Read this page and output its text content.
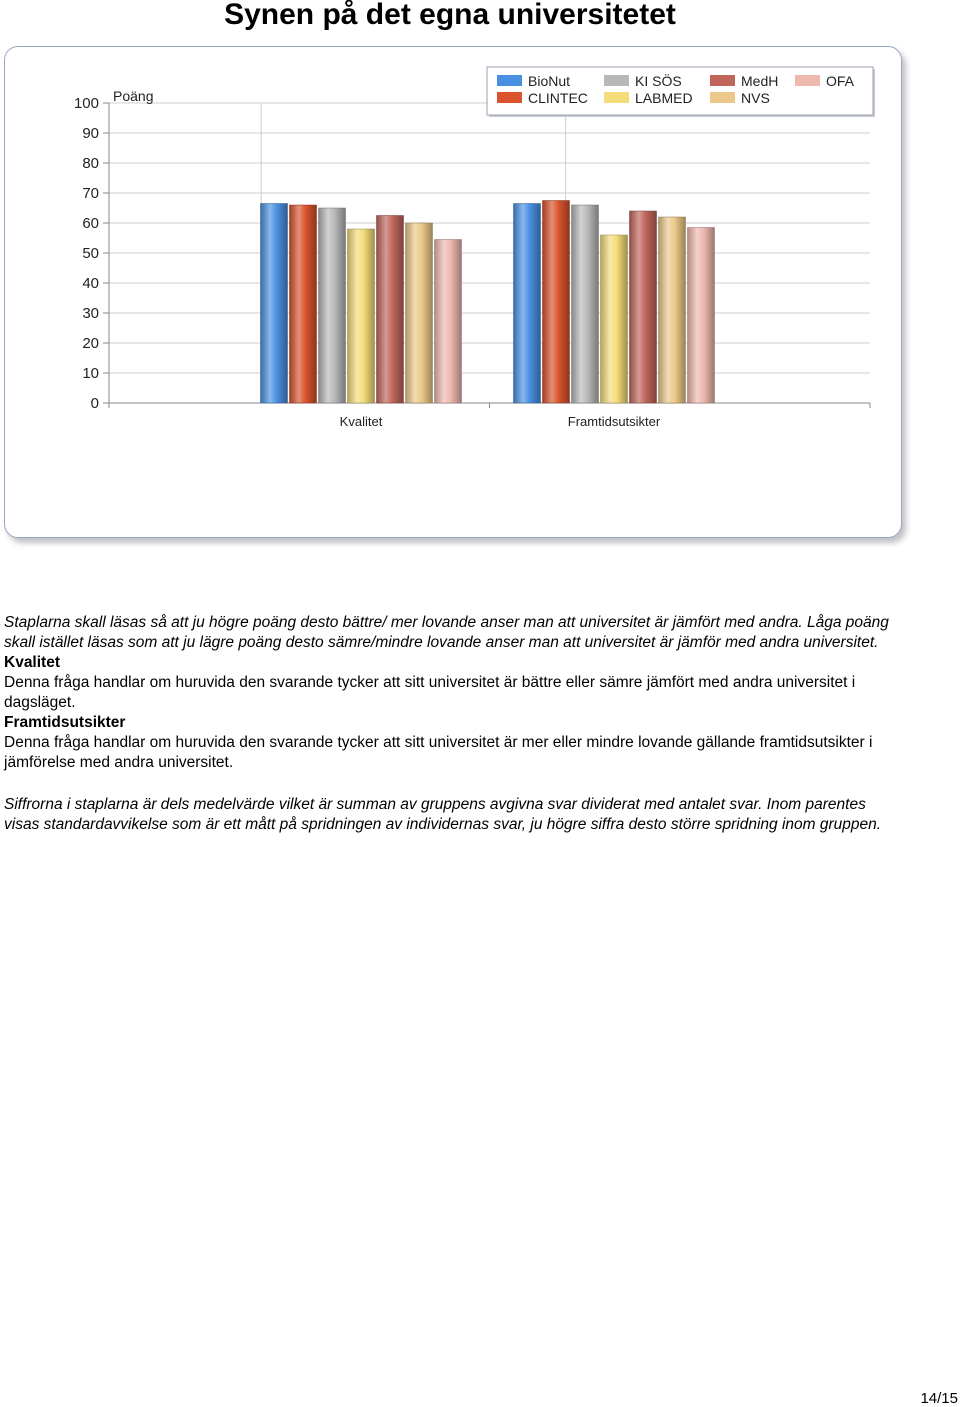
Synen på det egna universitetet
0
10
20
30
40
50
60
70
80
90
100 Poäng
Kvalitet	Framtidsutsikter
BioNut	KI SÖS	MedH	OFA
CLINTEC	LABMED	NVS

Staplarna skall läsas så att ju högre poäng desto bättre/ mer lovande anser man att universitet är jämfört med andra. Låga poäng skall istället läsas som att ju lägre poäng desto sämre/mindre lovande anser man att universitet är jämför med andra universitet.

Kvalitet

Denna fråga handlar om huruvida den svarande tycker att sitt universitet är bättre eller sämre jämfört med andra universitet i dagsläget.

Framtidsutsikter

Denna fråga handlar om huruvida den svarande tycker att sitt universitet är mer eller mindre lovande gällande framtidsutsikter i jämförelse med andra universitet.

Siffrorna i staplarna är dels medelvärde vilket är summan av gruppens avgivna svar dividerat med antalet svar. Inom parentes visas standardavvikelse som är ett mått på spridningen av individernas svar, ju högre siffra desto större spridning inom gruppen.

14/15
